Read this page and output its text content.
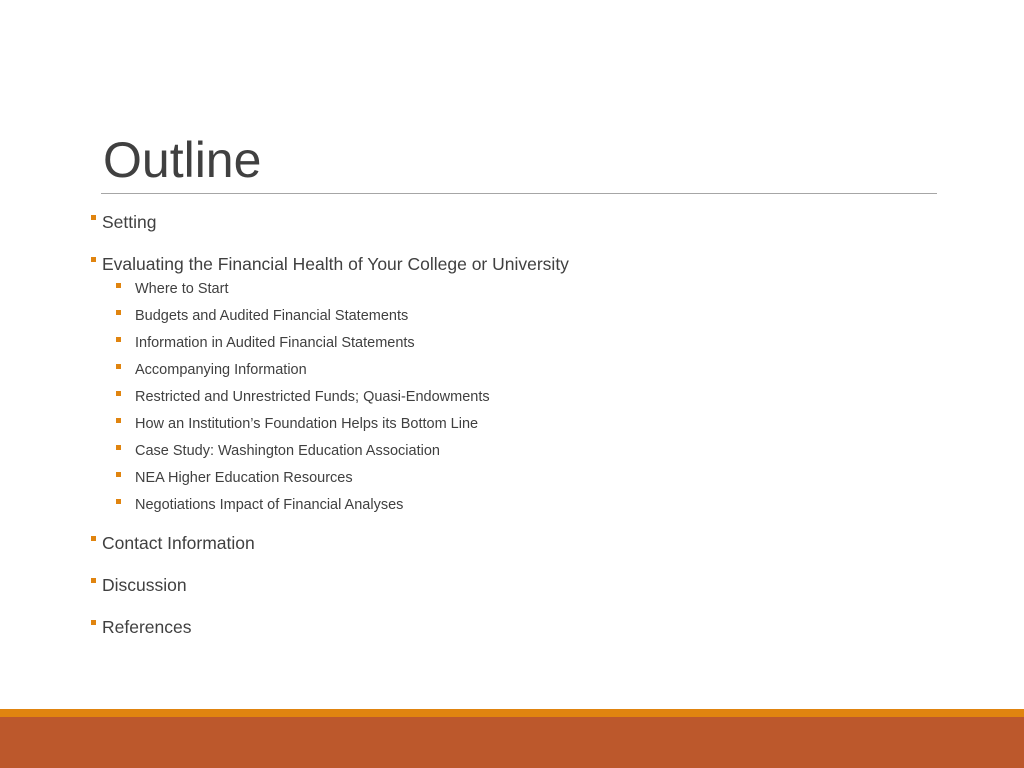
Outline
Setting
Evaluating the Financial Health of Your College or University
Where to Start
Budgets and Audited Financial Statements
Information in Audited Financial Statements
Accompanying Information
Restricted and Unrestricted Funds; Quasi-Endowments
How an Institution’s Foundation Helps its Bottom Line
Case Study: Washington Education Association
NEA Higher Education Resources
Negotiations Impact of Financial Analyses
Contact Information
Discussion
References
